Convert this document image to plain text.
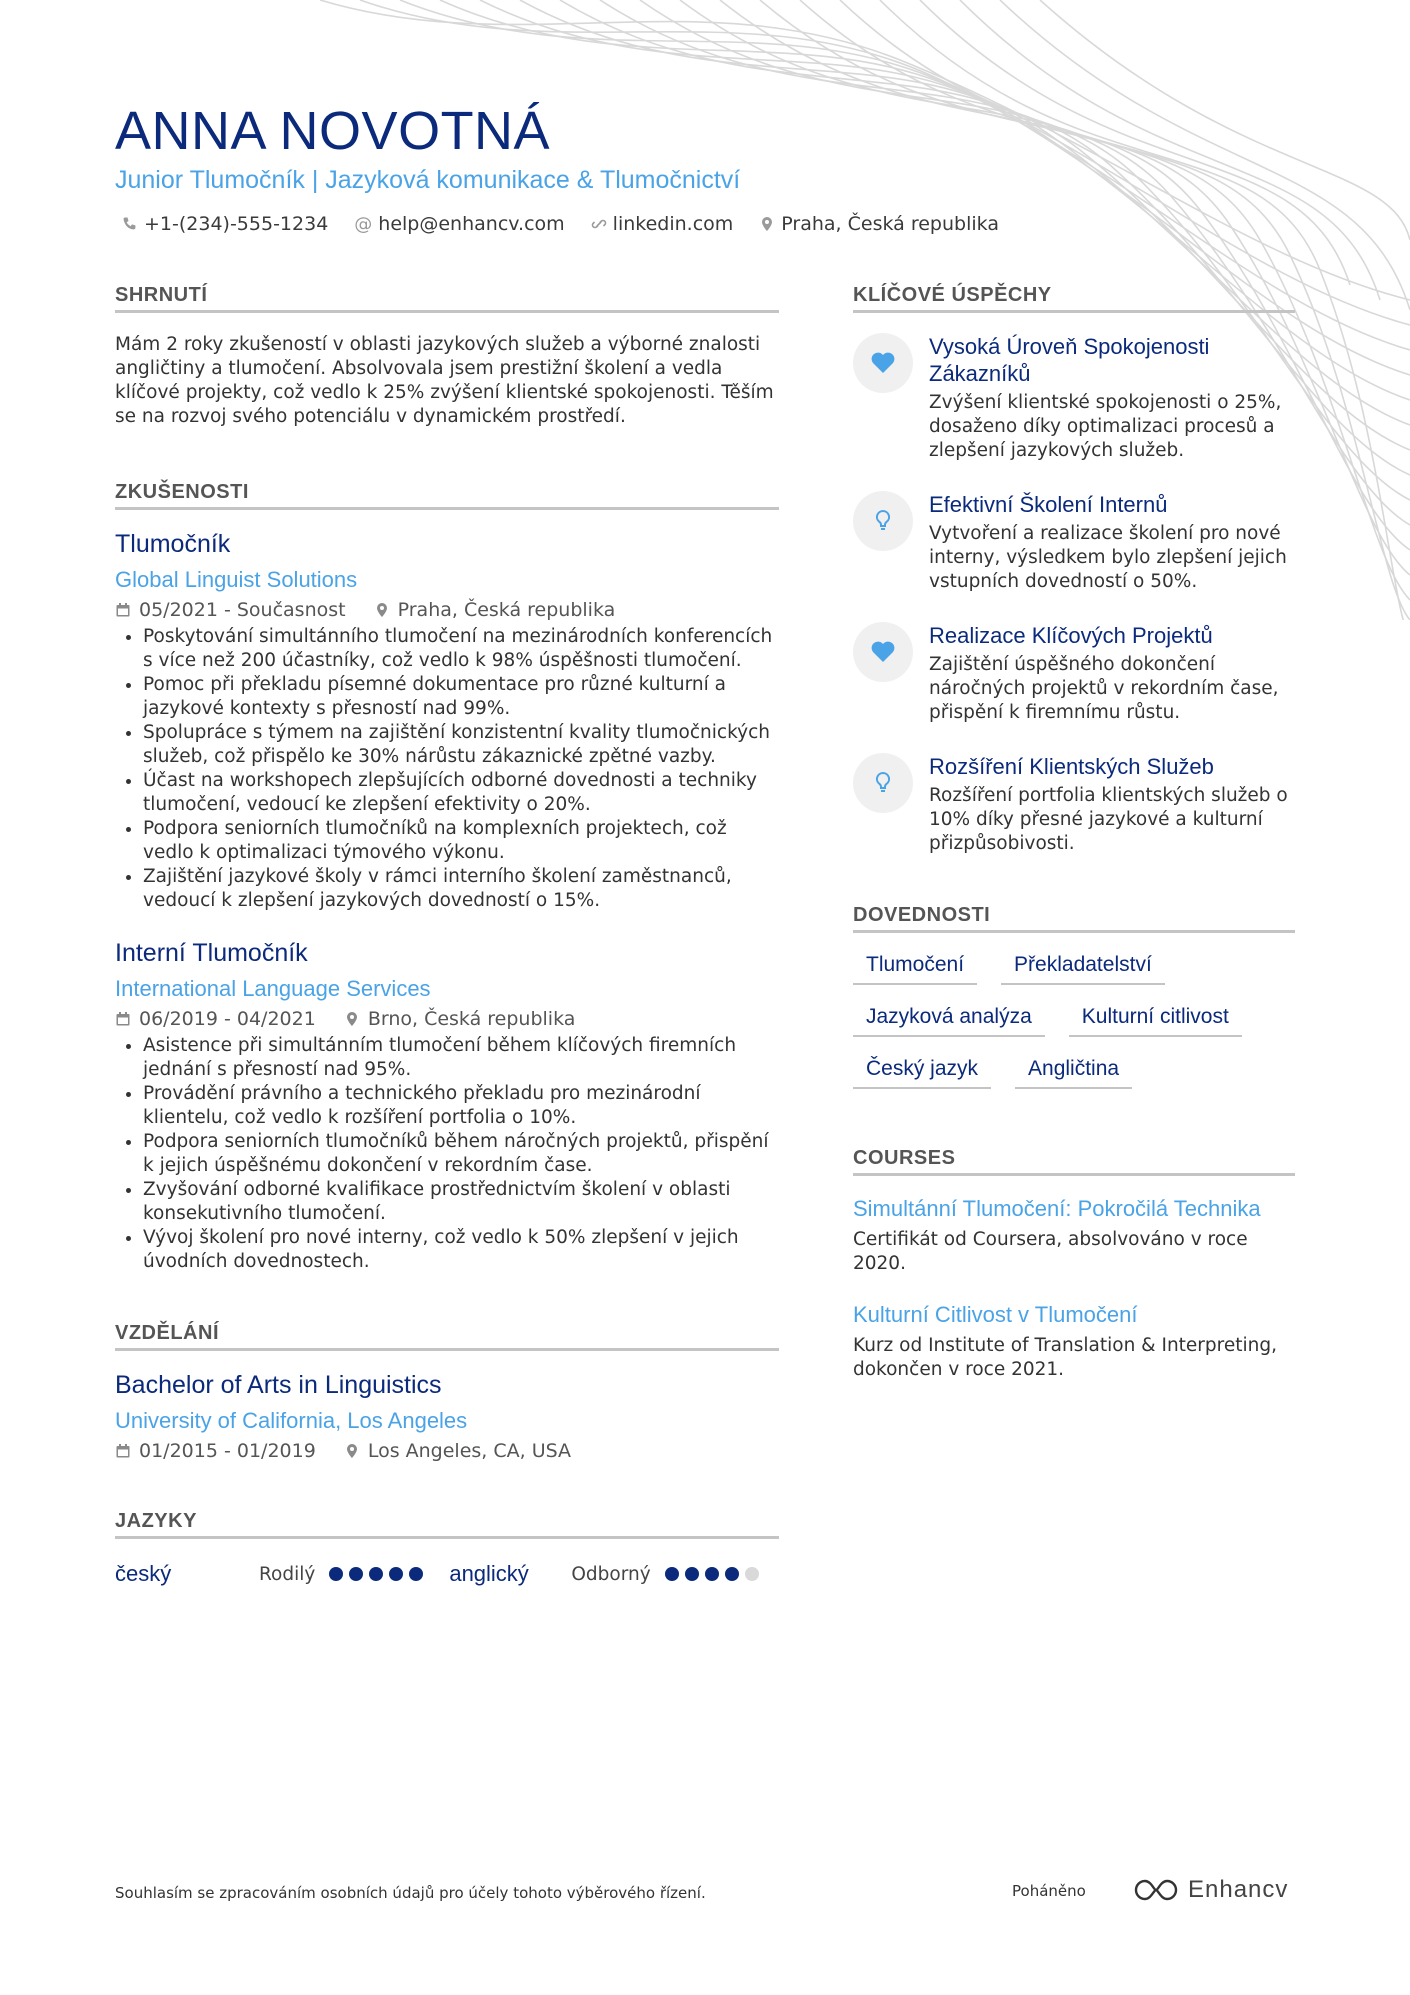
ANNA NOVOTNÁ
Junior Tlumočník | Jazyková komunikace & Tlumočnictví
+1-(234)-555-1234 @ help@enhancv.com	linkedin.com	Praha, Česká republika
SHRNUTÍ

Mám 2 roky zkušeností v oblasti jazykových služeb a výborné znalosti angličtiny a tlumočení. Absolvovala jsem prestižní školení a vedla klíčové projekty, což vedlo k 25% zvýšení klientské spokojenosti. Těším se na rozvoj svého potenciálu v dynamickém prostředí.

ZKUŠENOSTI
Tlumočník
Global Linguist Solutions
05/2021 - Současnost	Praha, Česká republika
• Poskytování simultánního tlumočení na mezinárodních konferencích s více než 200 účastníky, což vedlo k 98% úspěšnosti tlumočení.
• Pomoc při překladu písemné dokumentace pro různé kulturní a jazykové kontexty s přesností nad 99%.
• Spolupráce s týmem na zajištění konzistentní kvality tlumočnických služeb, což přispělo ke 30% nárůstu zákaznické zpětné vazby.
• Účast na workshopech zlepšujících odborné dovednosti a techniky tlumočení, vedoucí ke zlepšení efektivity o 20%.
• Podpora seniorních tlumočníků na komplexních projektech, což vedlo k optimalizaci týmového výkonu.
• Zajištění jazykové školy v rámci interního školení zaměstnanců, vedoucí k zlepšení jazykových dovedností o 15%.
Interní Tlumočník
International Language Services
06/2019 - 04/2021	Brno, Česká republika
• Asistence při simultánním tlumočení během klíčových firemních jednání s přesností nad 95%.
• Provádění právního a technického překladu pro mezinárodní klientelu, což vedlo k rozšíření portfolia o 10%.
• Podpora seniorních tlumočníků během náročných projektů, přispění k jejich úspěšnému dokončení v rekordním čase.
• Zvyšování odborné kvalifikace prostřednictvím školení v oblasti konsekutivního tlumočení.
• Vývoj školení pro nové interny, což vedlo k 50% zlepšení v jejich úvodních dovednostech.
VZDĚLÁNÍ
Bachelor of Arts in Linguistics
University of California, Los Angeles
01/2015 - 01/2019	Los Angeles, CA, USA
JAZYKY
český	Rodilý	anglický	Odborný
KLÍČOVÉ ÚSPĚCHY
Vysoká Úroveň Spokojenosti Zákazníků
Zvýšení klientské spokojenosti o 25%, dosaženo díky optimalizaci procesů a zlepšení jazykových služeb.
Efektivní Školení Internů
Vytvoření a realizace školení pro nové interny, výsledkem bylo zlepšení jejich vstupních dovedností o 50%.
Realizace Klíčových Projektů
Zajištění úspěšného dokončení náročných projektů v rekordním čase, přispění k firemnímu růstu.
Rozšíření Klientských Služeb
Rozšíření portfolia klientských služeb o 10% díky přesné jazykové a kulturní přizpůsobivosti.
DOVEDNOSTI
Tlumočení	Překladatelství
Jazyková analýza	Kulturní citlivost
Český jazyk	Angličtina
COURSES
Simultánní Tlumočení: Pokročilá Technika
Certifikát od Coursera, absolvováno v roce 2020.
Kulturní Citlivost v Tlumočení
Kurz od Institute of Translation & Interpreting, dokončen v roce 2021.
Souhlasím se zpracováním osobních údajů pro účely tohoto výběrového řízení.	Poháněno	Enhancv
